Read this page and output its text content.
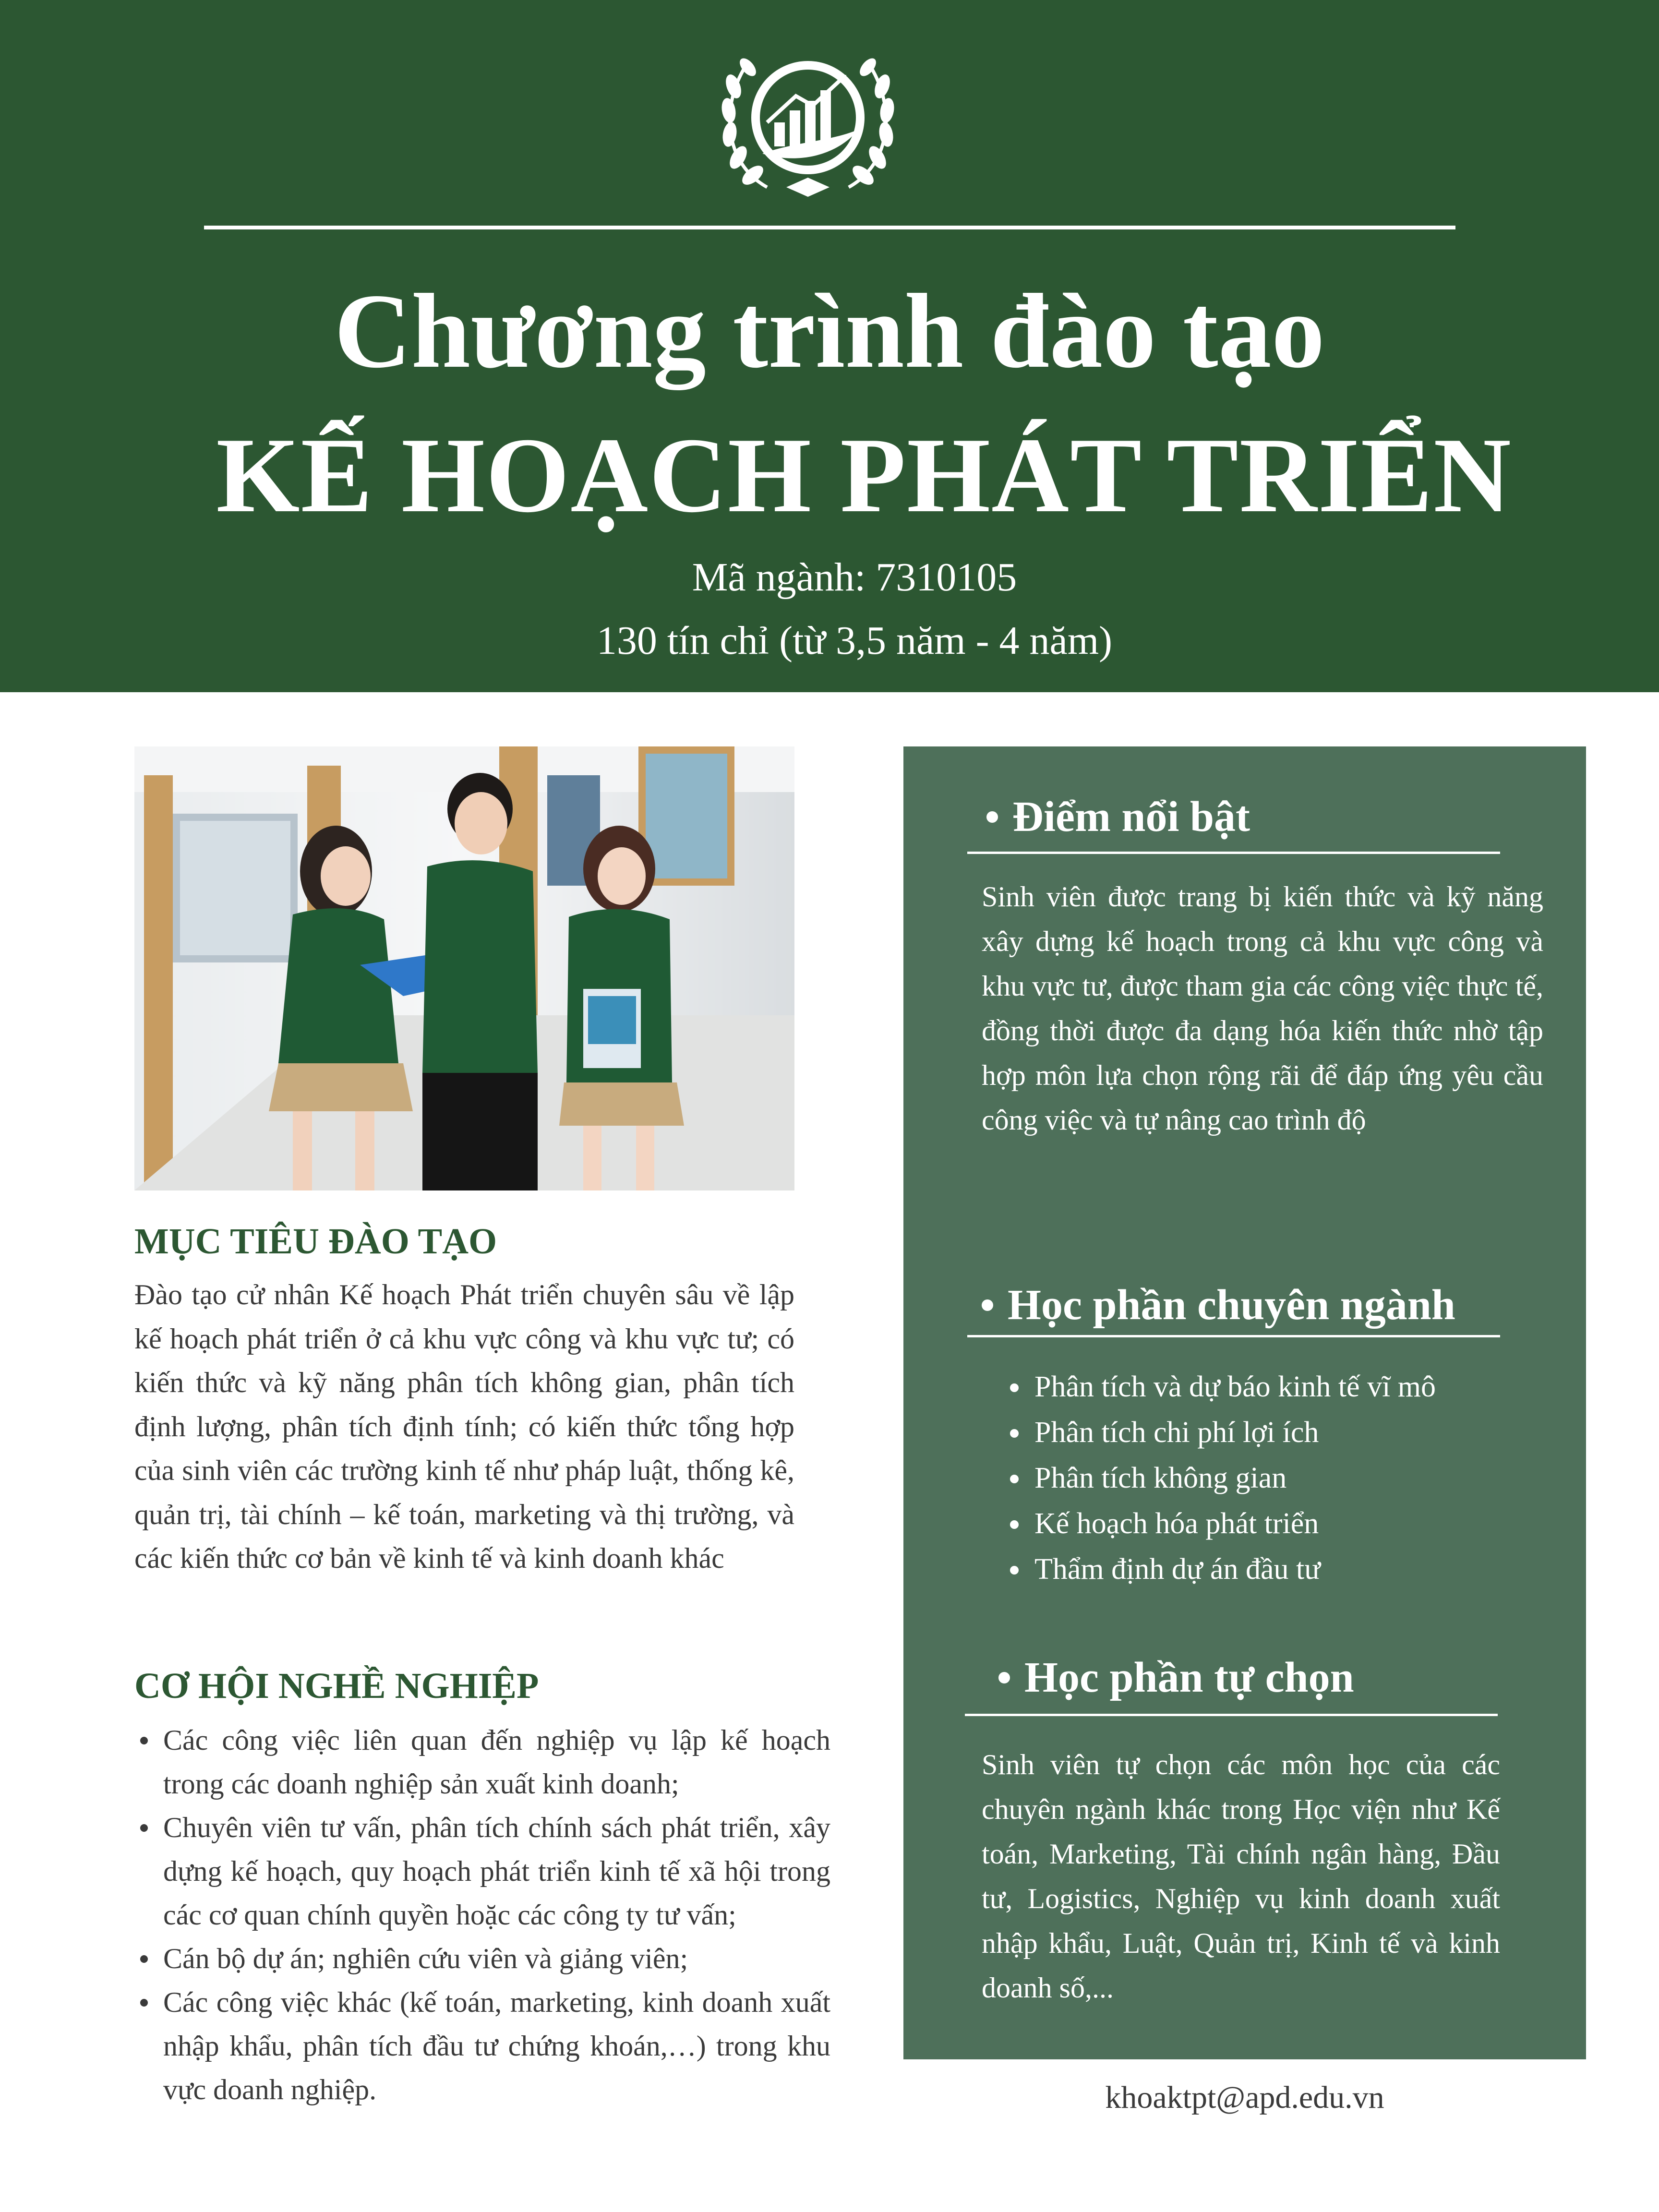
Chương trình đào tạo
KẾ HOẠCH PHÁT TRIỂN
Mã ngành: 7310105
130 tín chỉ (từ 3,5 năm - 4 năm)
MỤC TIÊU ĐÀO TẠO
Đào tạo cử nhân Kế hoạch Phát triển chuyên sâu về lập kế hoạch phát triển ở cả khu vực công và khu vực tư; có kiến thức và kỹ năng phân tích không gian, phân tích định lượng, phân tích định tính; có kiến thức tổng hợp của sinh viên các trường kinh tế như pháp luật, thống kê, quản trị, tài chính – kế toán, marketing và thị trường, và các kiến thức cơ bản về kinh tế và kinh doanh khác
CƠ HỘI NGHỀ NGHIỆP
Các công việc liên quan đến nghiệp vụ lập kế hoạch trong các doanh nghiệp sản xuất kinh doanh;
Chuyên viên tư vấn, phân tích chính sách phát triển, xây dựng kế hoạch, quy hoạch phát triển kinh tế xã hội trong các cơ quan chính quyền hoặc các công ty tư vấn;
Cán bộ dự án; nghiên cứu viên và giảng viên;
Các công việc khác (kế toán, marketing, kinh doanh xuất nhập khẩu, phân tích đầu tư chứng khoán,…) trong khu vực doanh nghiệp.
Điểm nổi bật
Sinh viên được trang bị kiến thức và kỹ năng xây dựng kế hoạch trong cả khu vực công và khu vực tư, được tham gia các công việc thực tế, đồng thời được đa dạng hóa kiến thức nhờ tập hợp môn lựa chọn rộng rãi để đáp ứng yêu cầu công việc và tự nâng cao trình độ
Học phần chuyên ngành
Phân tích và dự báo kinh tế vĩ mô
Phân tích chi phí lợi ích
Phân tích không gian
Kế hoạch hóa phát triển
Thẩm định dự án đầu tư
Học phần tự chọn
Sinh viên tự chọn các môn học của các chuyên ngành khác trong Học viện như Kế toán, Marketing, Tài chính ngân hàng, Đầu tư, Logistics, Nghiệp vụ kinh doanh xuất nhập khẩu, Luật, Quản trị, Kinh tế và kinh doanh số,...
khoaktpt@apd.edu.vn
